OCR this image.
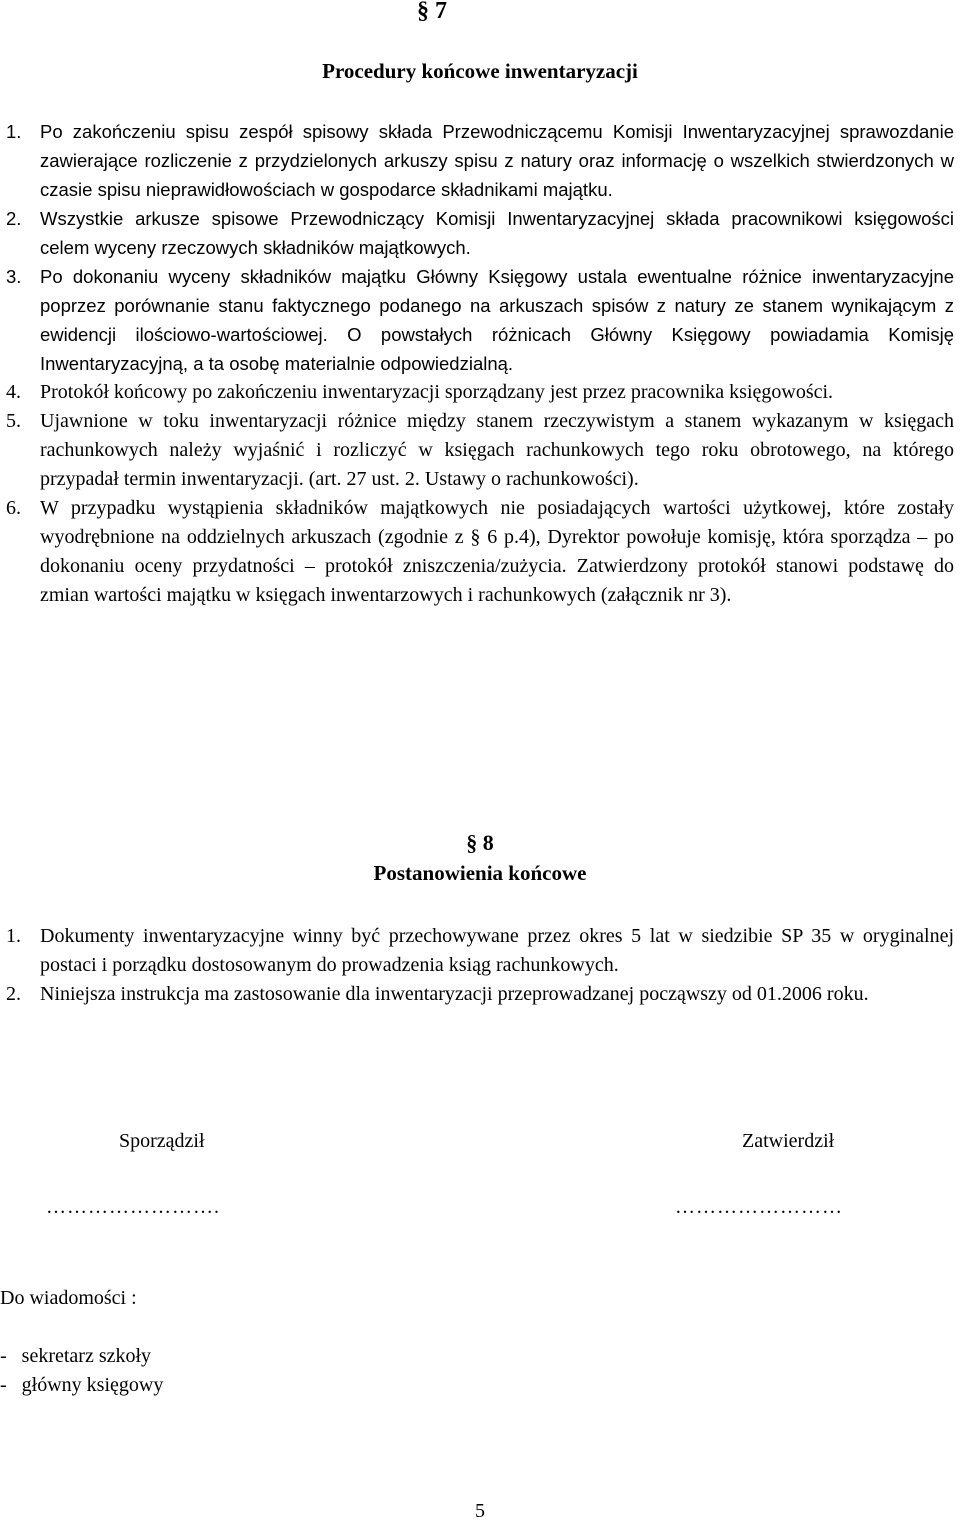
§ 7
Procedury końcowe inwentaryzacji
1.	Po zakończeniu spisu zespół spisowy składa Przewodniczącemu Komisji Inwentaryzacyjnej sprawozdanie zawierające rozliczenie z przydzielonych arkuszy spisu z natury oraz informację o wszelkich stwierdzonych w czasie spisu nieprawidłowościach w gospodarce składnikami majątku.
2.	Wszystkie arkusze spisowe Przewodniczący Komisji Inwentaryzacyjnej składa pracownikowi księgowości celem wyceny rzeczowych składników majątkowych.
3.	Po dokonaniu wyceny składników majątku Główny Księgowy ustala ewentualne różnice inwentaryzacyjne poprzez porównanie stanu faktycznego podanego na arkuszach spisów z natury ze stanem wynikającym z ewidencji ilościowo-wartościowej. O powstałych różnicach Główny Księgowy powiadamia Komisję Inwentaryzacyjną, a ta osobę materialnie odpowiedzialną.
4. Protokół końcowy po zakończeniu inwentaryzacji sporządzany jest przez pracownika księgowości.
5. Ujawnione w toku inwentaryzacji różnice między stanem rzeczywistym a stanem wykazanym w księgach rachunkowych należy wyjaśnić i rozliczyć w księgach rachunkowych tego roku obrotowego, na którego przypadał termin inwentaryzacji. (art. 27 ust. 2. Ustawy o rachunkowości).
6. W przypadku wystąpienia składników majątkowych nie posiadających wartości użytkowej, które zostały wyodrębnione na oddzielnych arkuszach (zgodnie z § 6 p.4), Dyrektor powołuje komisję, która sporządza – po dokonaniu oceny przydatności – protokół zniszczenia/zużycia. Zatwierdzony protokół stanowi podstawę do zmian wartości majątku w księgach inwentarzowych i rachunkowych (załącznik nr 3).
§ 8
Postanowienia końcowe
1. Dokumenty inwentaryzacyjne winny być przechowywane przez okres 5 lat w siedzibie SP 35 w oryginalnej postaci i porządku dostosowanym do prowadzenia ksiąg rachunkowych.
2. Niniejsza instrukcja ma zastosowanie dla inwentaryzacji przeprowadzanej począwszy od 01.2006 roku.
Sporządził	Zatwierdził
…………………….	……………………
Do wiadomości :
-   sekretarz szkoły
-   główny księgowy
5
